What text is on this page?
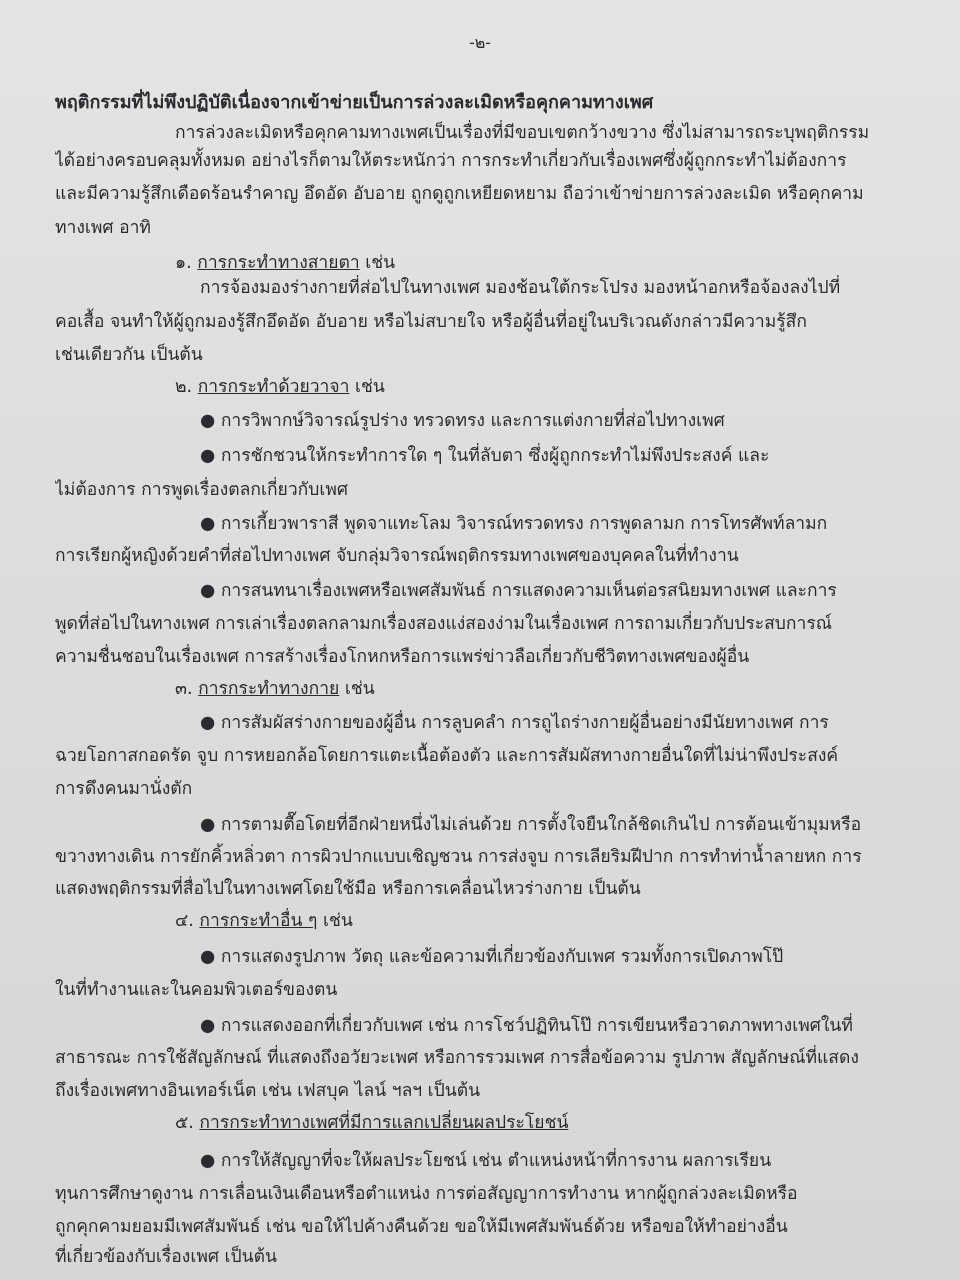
-๒-
พฤติกรรมที่ไม่พึงปฏิบัติเนื่องจากเข้าข่ายเป็นการล่วงละเมิดหรือคุกคามทางเพศ
การล่วงละเมิดหรือคุกคามทางเพศเป็นเรื่องที่มีขอบเขตกว้างขวาง ซึ่งไม่สามารถระบุพฤติกรรม
ได้อย่างครอบคลุมทั้งหมด อย่างไรก็ตามให้ตระหนักว่า การกระทำเกี่ยวกับเรื่องเพศซึ่งผู้ถูกกระทำไม่ต้องการ
และมีความรู้สึกเดือดร้อนรำคาญ อึดอัด อับอาย ถูกดูถูกเหยียดหยาม ถือว่าเข้าข่ายการล่วงละเมิด หรือคุกคาม
ทางเพศ อาทิ
๑. การกระทำทางสายตา เช่น
การจ้องมองร่างกายที่ส่อไปในทางเพศ มองช้อนใต้กระโปรง มองหน้าอกหรือจ้องลงไปที่
คอเสื้อ จนทำให้ผู้ถูกมองรู้สึกอึดอัด อับอาย หรือไม่สบายใจ หรือผู้อื่นที่อยู่ในบริเวณดังกล่าวมีความรู้สึก
เช่นเดียวกัน เป็นต้น
๒. การกระทำด้วยวาจา เช่น
● การวิพากษ์วิจารณ์รูปร่าง ทรวดทรง และการแต่งกายที่ส่อไปทางเพศ
● การชักชวนให้กระทำการใด ๆ ในที่ลับตา ซึ่งผู้ถูกกระทำไม่พึงประสงค์ และ
ไม่ต้องการ การพูดเรื่องตลกเกี่ยวกับเพศ
● การเกี้ยวพาราสี พูดจาแทะโลม วิจารณ์ทรวดทรง การพูดลามก การโทรศัพท์ลามก
การเรียกผู้หญิงด้วยคำที่ส่อไปทางเพศ จับกลุ่มวิจารณ์พฤติกรรมทางเพศของบุคคลในที่ทำงาน
● การสนทนาเรื่องเพศหรือเพศสัมพันธ์ การแสดงความเห็นต่อรสนิยมทางเพศ และการ
พูดที่ส่อไปในทางเพศ การเล่าเรื่องตลกลามกเรื่องสองแง่สองง่ามในเรื่องเพศ การถามเกี่ยวกับประสบการณ์
ความชื่นชอบในเรื่องเพศ การสร้างเรื่องโกหกหรือการแพร่ข่าวลือเกี่ยวกับชีวิตทางเพศของผู้อื่น
๓. การกระทำทางกาย เช่น
● การสัมผัสร่างกายของผู้อื่น การลูบคลำ การถูไถร่างกายผู้อื่นอย่างมีนัยทางเพศ การ
ฉวยโอกาสกอดรัด จูบ การหยอกล้อโดยการแตะเนื้อต้องตัว และการสัมผัสทางกายอื่นใดที่ไม่น่าพึงประสงค์
การดึงคนมานั่งตัก
● การตามตื๊อโดยที่อีกฝ่ายหนึ่งไม่เล่นด้วย การตั้งใจยืนใกล้ชิดเกินไป การต้อนเข้ามุมหรือ
ขวางทางเดิน การยักคิ้วหลิ่วตา การผิวปากแบบเชิญชวน การส่งจูบ การเลียริมฝีปาก การทำท่าน้ำลายหก การ
แสดงพฤติกรรมที่สื่อไปในทางเพศโดยใช้มือ หรือการเคลื่อนไหวร่างกาย เป็นต้น
๔. การกระทำอื่น ๆ เช่น
● การแสดงรูปภาพ วัตถุ และข้อความที่เกี่ยวข้องกับเพศ รวมทั้งการเปิดภาพโป๊
ในที่ทำงานและในคอมพิวเตอร์ของตน
● การแสดงออกที่เกี่ยวกับเพศ เช่น การโชว์ปฏิทินโป๊ การเขียนหรือวาดภาพทางเพศในที่
สาธารณะ การใช้สัญลักษณ์ ที่แสดงถึงอวัยวะเพศ หรือการรวมเพศ การสื่อข้อความ รูปภาพ สัญลักษณ์ที่แสดง
ถึงเรื่องเพศทางอินเทอร์เน็ต เช่น เฟสบุค ไลน์ ฯลฯ เป็นต้น
๕. การกระทำทางเพศที่มีการแลกเปลี่ยนผลประโยชน์
● การให้สัญญาที่จะให้ผลประโยชน์ เช่น ตำแหน่งหน้าที่การงาน ผลการเรียน
ทุนการศึกษาดูงาน การเลื่อนเงินเดือนหรือตำแหน่ง การต่อสัญญาการทำงาน หากผู้ถูกล่วงละเมิดหรือ
ถูกคุกคามยอมมีเพศสัมพันธ์ เช่น ขอให้ไปค้างคืนด้วย ขอให้มีเพศสัมพันธ์ด้วย หรือขอให้ทำอย่างอื่น
ที่เกี่ยวข้องกับเรื่องเพศ เป็นต้น
